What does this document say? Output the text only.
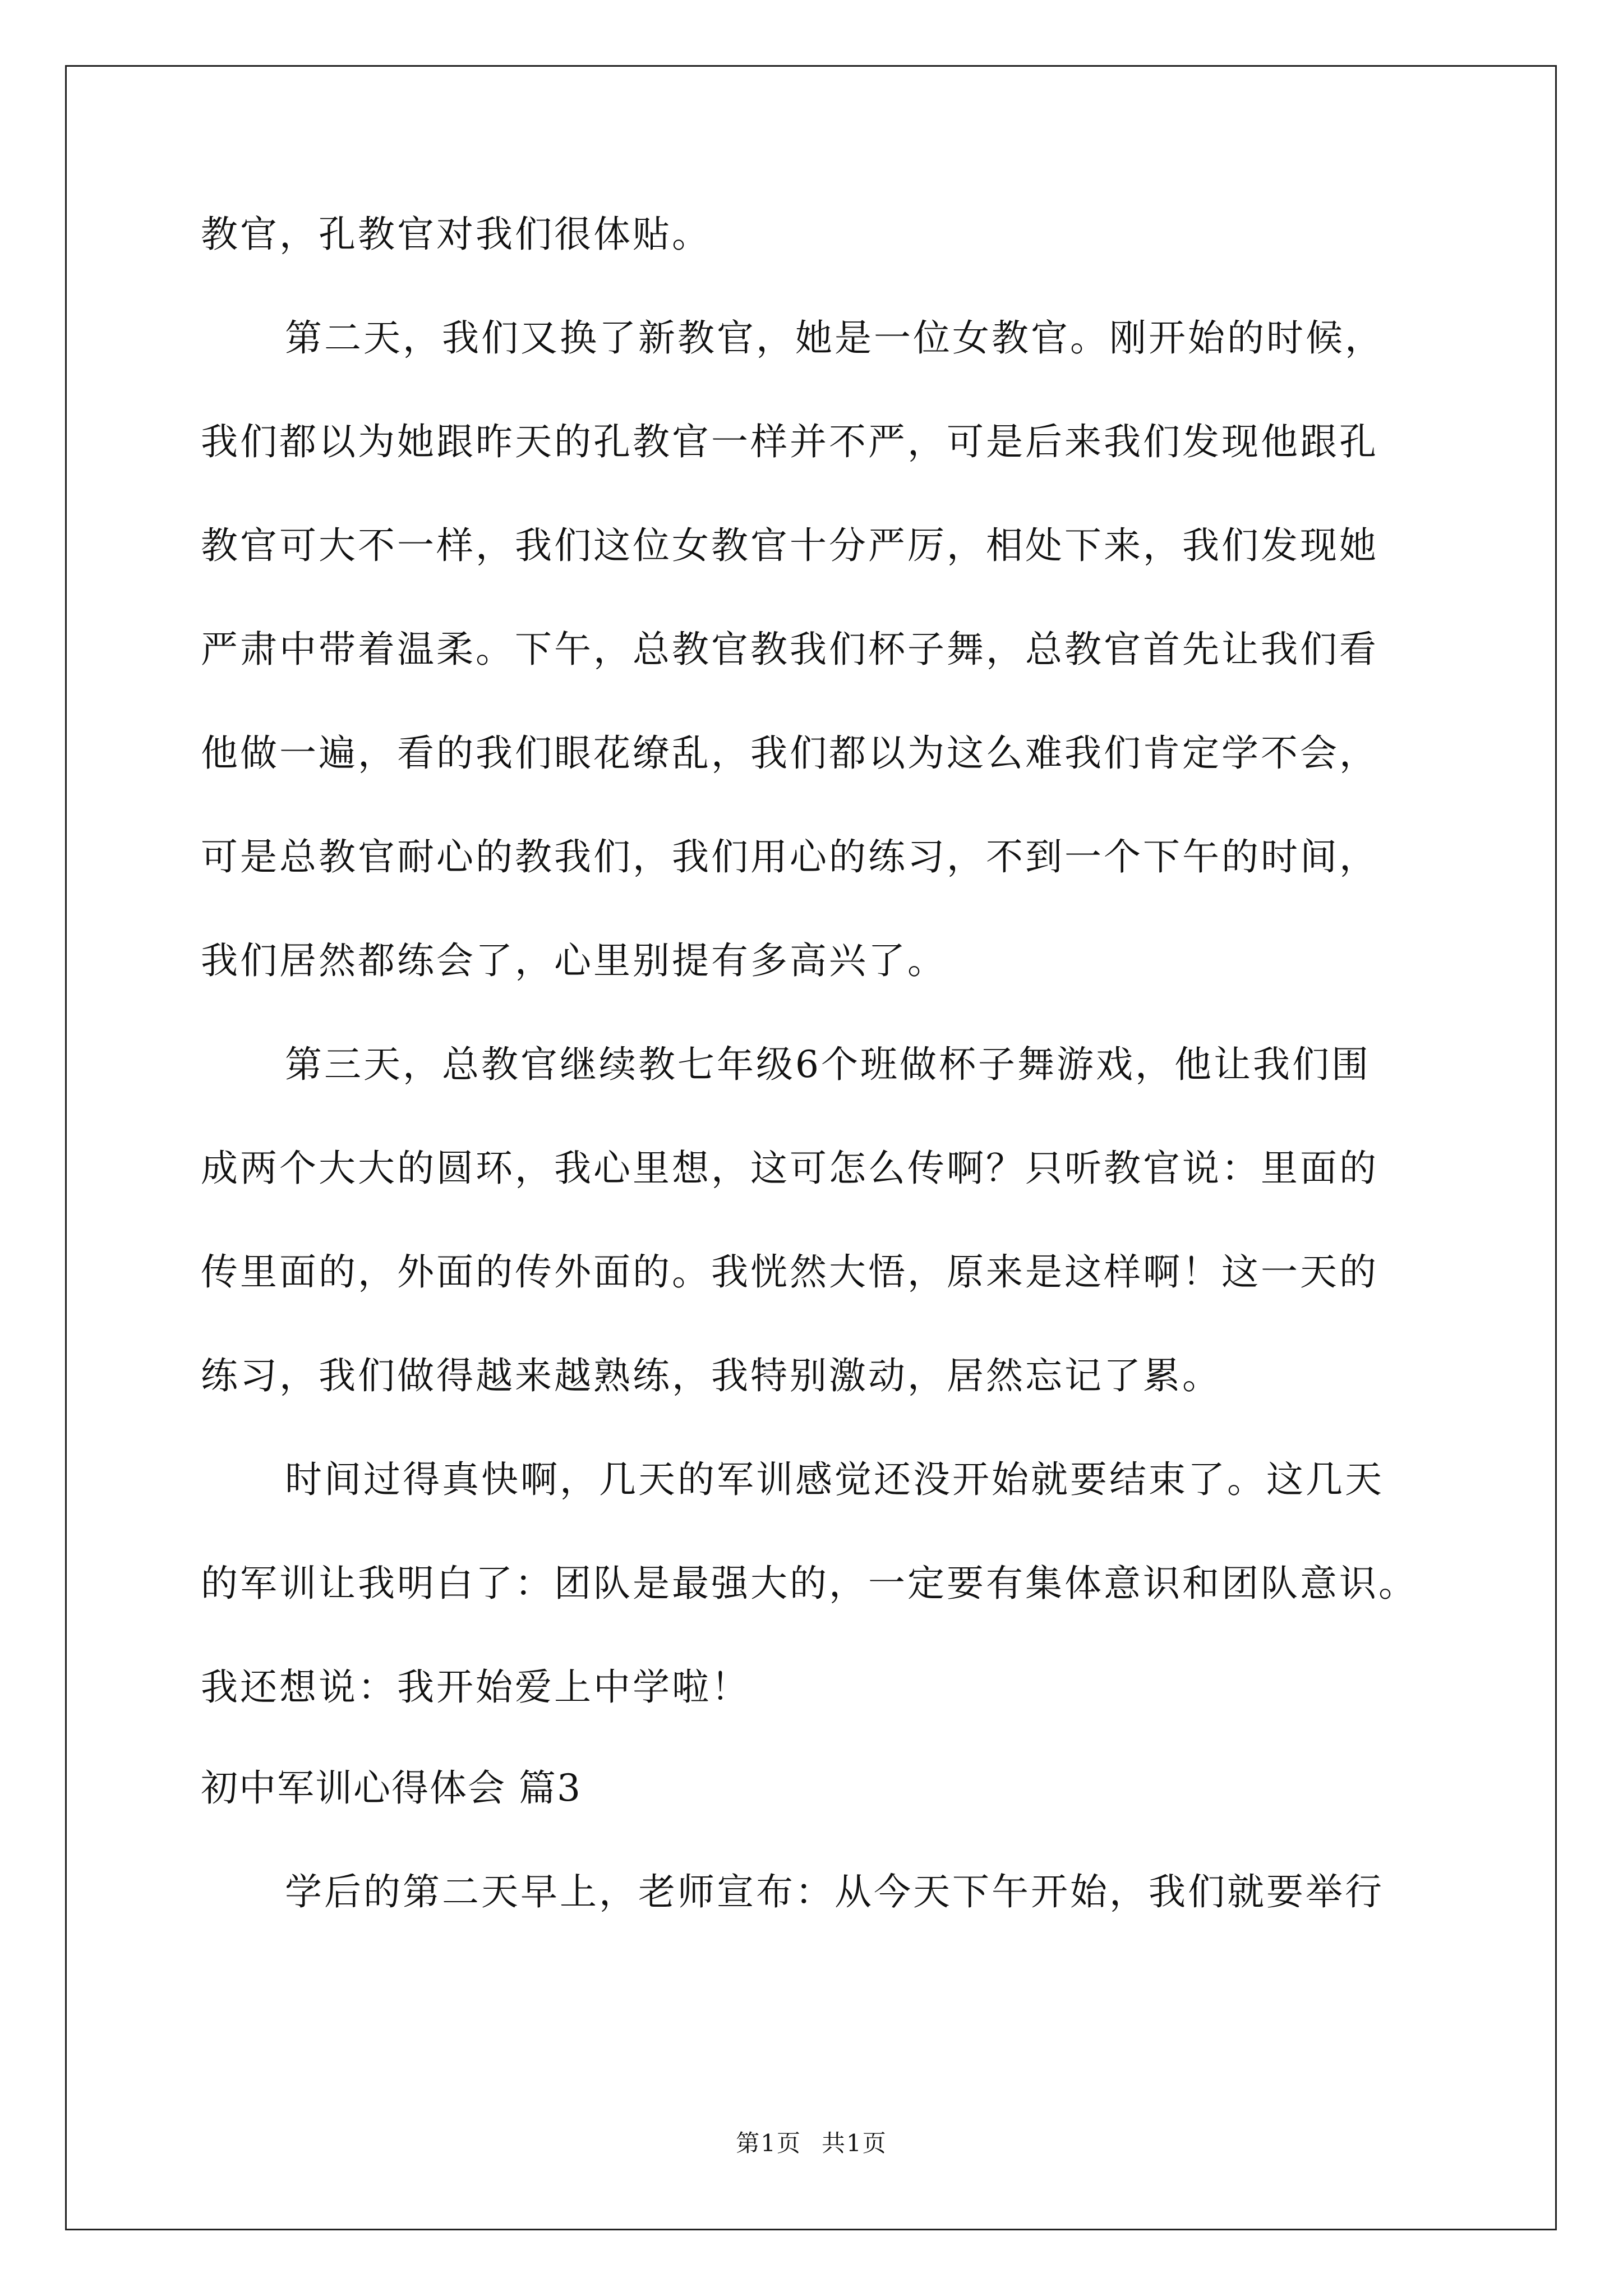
教官，孔教官对我们很体贴。
第二天，我们又换了新教官，她是一位女教官。刚开始的时候，
我们都以为她跟昨天的孔教官一样并不严，可是后来我们发现他跟孔
教官可大不一样，我们这位女教官十分严厉，相处下来，我们发现她
严肃中带着温柔。下午，总教官教我们杯子舞，总教官首先让我们看
他做一遍，看的我们眼花缭乱，我们都以为这么难我们肯定学不会，
可是总教官耐心的教我们，我们用心的练习，不到一个下午的时间，
我们居然都练会了，心里别提有多高兴了。
第三天，总教官继续教七年级6个班做杯子舞游戏，他让我们围
成两个大大的圆环，我心里想，这可怎么传啊？只听教官说：里面的
传里面的，外面的传外面的。我恍然大悟，原来是这样啊！这一天的
练习，我们做得越来越熟练，我特别激动，居然忘记了累。
时间过得真快啊，几天的军训感觉还没开始就要结束了。这几天
的军训让我明白了：团队是最强大的，一定要有集体意识和团队意识。
我还想说：我开始爱上中学啦！
初中军训心得体会 篇3
学后的第二天早上，老师宣布：从今天下午开始，我们就要举行
第1页 共1页
